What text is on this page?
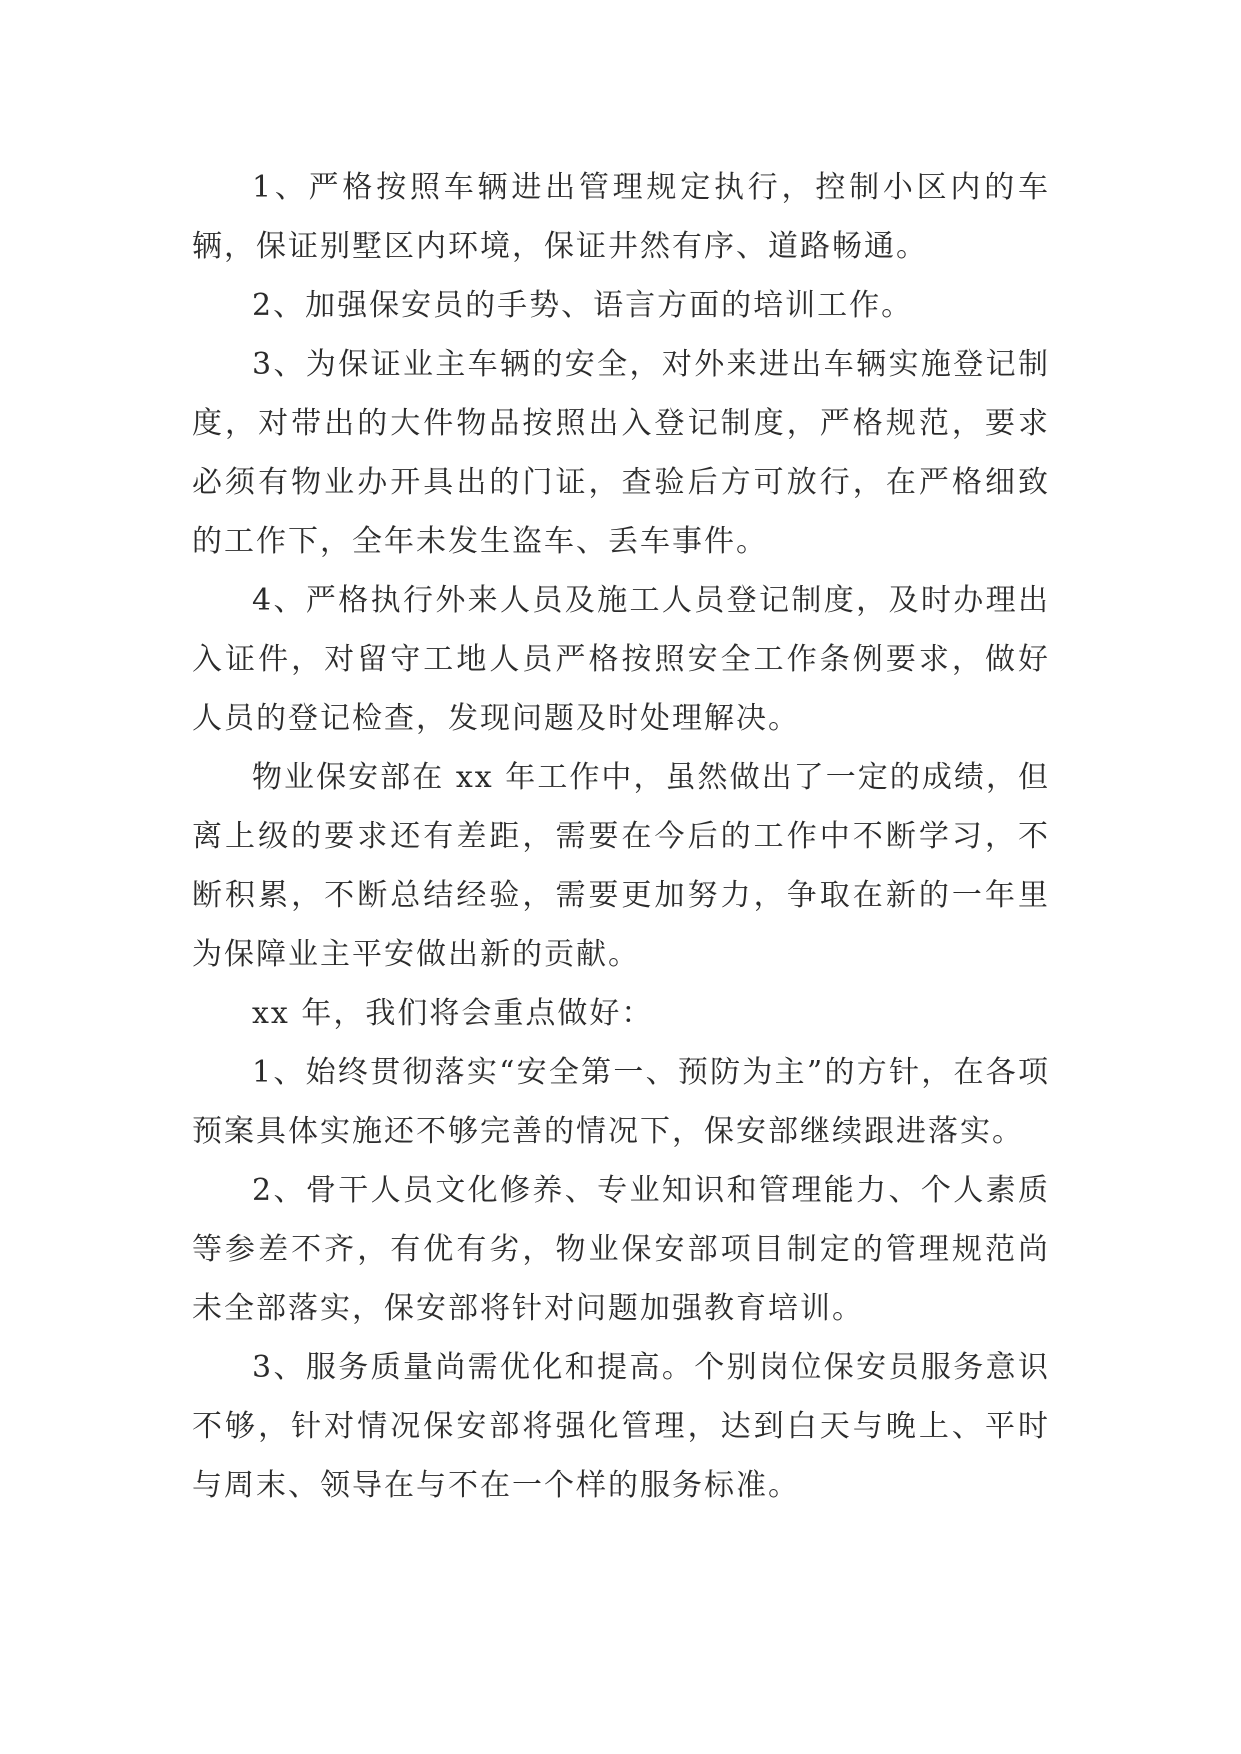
1、严格按照车辆进出管理规定执行，控制小区内的车辆，保证别墅区内环境，保证井然有序、道路畅通。

2、加强保安员的手势、语言方面的培训工作。

3、为保证业主车辆的安全，对外来进出车辆实施登记制度，对带出的大件物品按照出入登记制度，严格规范，要求必须有物业办开具出的门证，查验后方可放行，在严格细致的工作下，全年未发生盗车、丢车事件。

4、严格执行外来人员及施工人员登记制度，及时办理出入证件，对留守工地人员严格按照安全工作条例要求，做好人员的登记检查，发现问题及时处理解决。

物业保安部在 xx 年工作中，虽然做出了一定的成绩，但离上级的要求还有差距，需要在今后的工作中不断学习，不断积累，不断总结经验，需要更加努力，争取在新的一年里为保障业主平安做出新的贡献。

xx 年，我们将会重点做好：

1、始终贯彻落实“安全第一、预防为主”的方针，在各项预案具体实施还不够完善的情况下，保安部继续跟进落实。

2、骨干人员文化修养、专业知识和管理能力、个人素质等参差不齐，有优有劣，物业保安部项目制定的管理规范尚未全部落实，保安部将针对问题加强教育培训。

3、服务质量尚需优化和提高。个别岗位保安员服务意识不够，针对情况保安部将强化管理，达到白天与晚上、平时与周末、领导在与不在一个样的服务标准。
